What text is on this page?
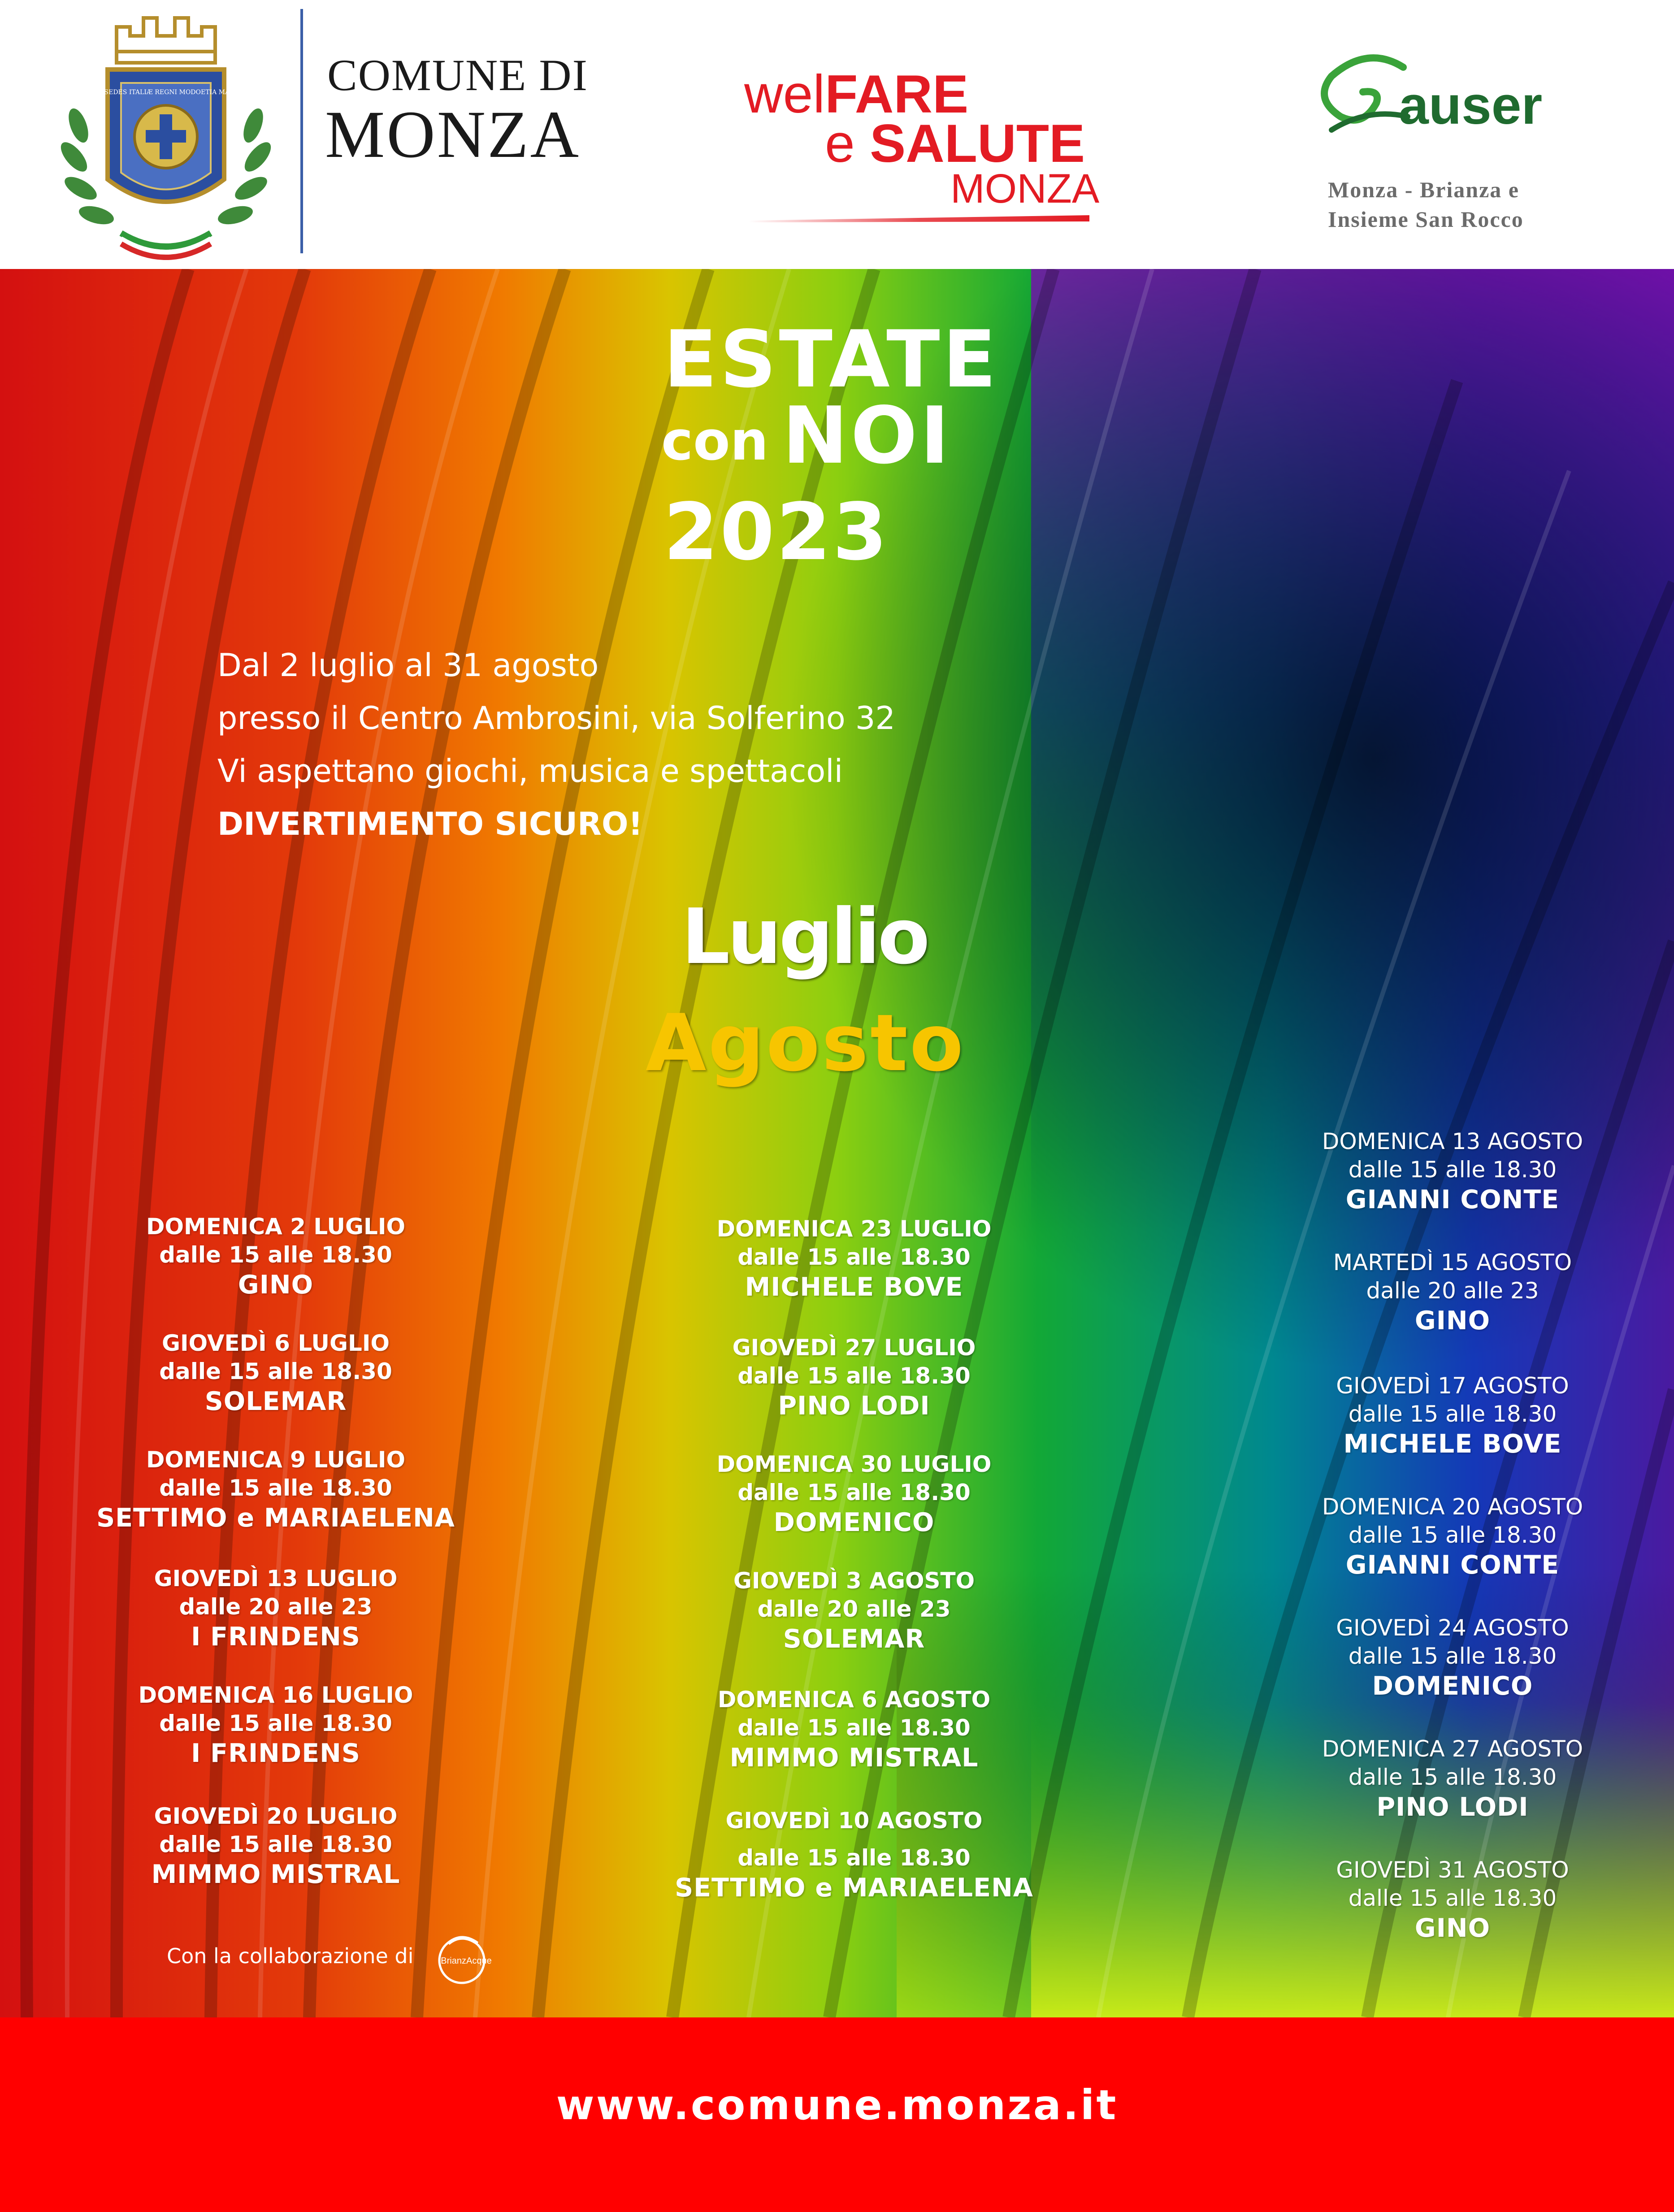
EST SEDES ITALIÆ REGNI MODOETIA MAGNI COMUNE DI
MONZA
welFARE
e SALUTE
MONZA
auser
Monza - Brianza e
Insieme San Rocco
ESTATE
con NOI
2023
Dal 2 luglio al 31 agosto
presso il Centro Ambrosini, via Solferino 32
Vi aspettano giochi, musica e spettacoli
DIVERTIMENTO SICURO!
Luglio
Agosto
DOMENICA 2 LUGLIO
dalle 15 alle 18.30
GINO
GIOVEDÌ 6 LUGLIO
dalle 15 alle 18.30
SOLEMAR
DOMENICA 9 LUGLIO
dalle 15 alle 18.30
SETTIMO e MARIAELENA
GIOVEDÌ 13 LUGLIO
dalle 20 alle 23
I FRINDENS
DOMENICA 16 LUGLIO
dalle 15 alle 18.30
I FRINDENS
GIOVEDÌ 20 LUGLIO
dalle 15 alle 18.30
MIMMO MISTRAL
DOMENICA 23 LUGLIO
dalle 15 alle 18.30
MICHELE BOVE
GIOVEDÌ 27 LUGLIO
dalle 15 alle 18.30
PINO LODI
DOMENICA 30 LUGLIO
dalle 15 alle 18.30
DOMENICO
GIOVEDÌ 3 AGOSTO
dalle 20 alle 23
SOLEMAR
DOMENICA 6 AGOSTO
dalle 15 alle 18.30
MIMMO MISTRAL
GIOVEDÌ 10 AGOSTO
dalle 15 alle 18.30
SETTIMO e MARIAELENA
DOMENICA 13 AGOSTO
dalle 15 alle 18.30
GIANNI CONTE
MARTEDÌ 15 AGOSTO
dalle 20 alle 23
GINO
GIOVEDÌ 17 AGOSTO
dalle 15 alle 18.30
MICHELE BOVE
DOMENICA 20 AGOSTO
dalle 15 alle 18.30
GIANNI CONTE
GIOVEDÌ 24 AGOSTO
dalle 15 alle 18.30
DOMENICO
DOMENICA 27 AGOSTO
dalle 15 alle 18.30
PINO LODI
GIOVEDÌ 31 AGOSTO
dalle 15 alle 18.30
GINO
Con la collaborazione di	BrianzAcque
www.comune.monza.it
